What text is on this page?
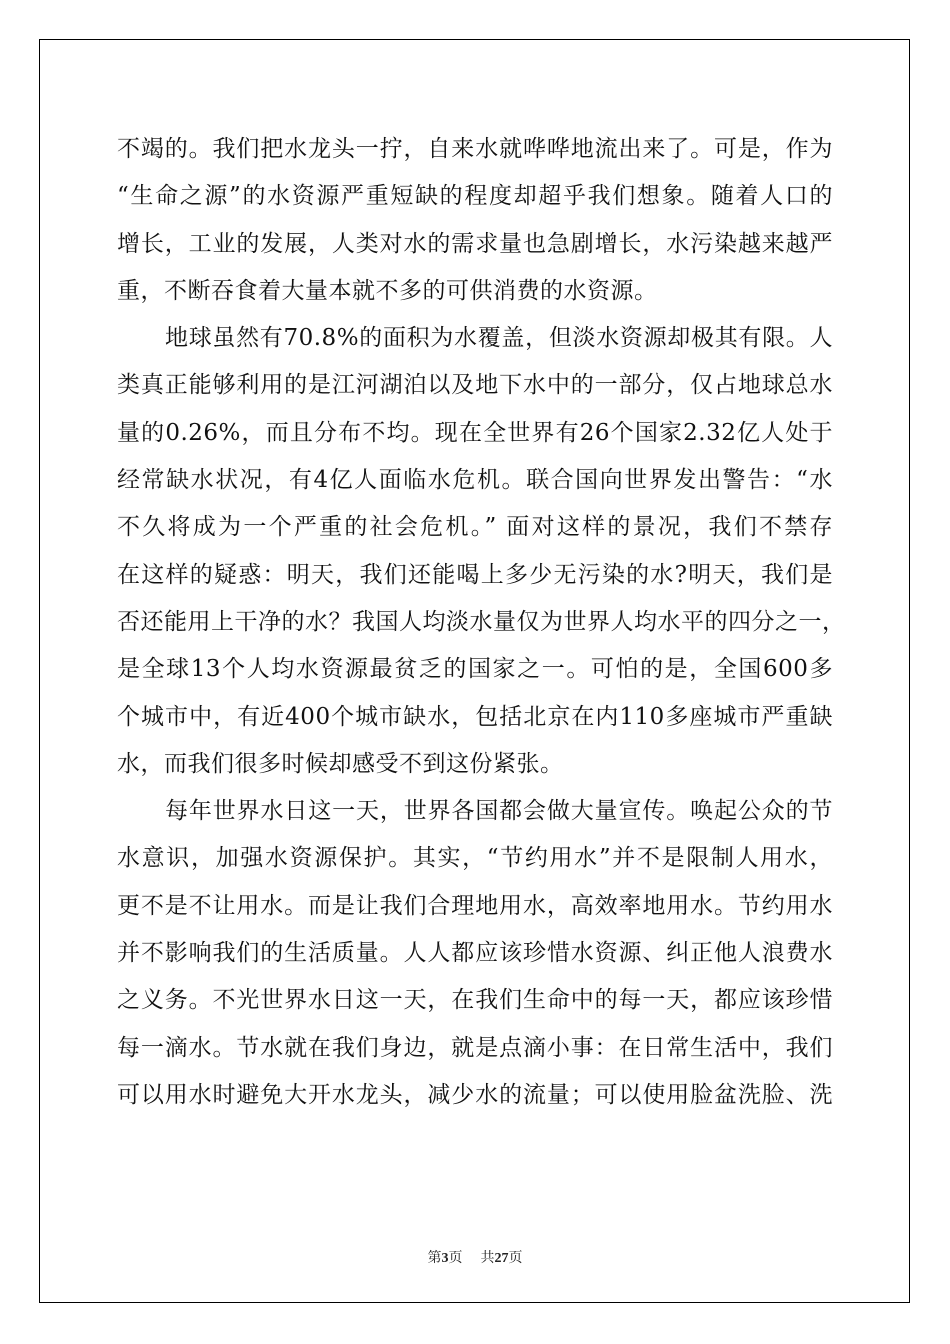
不竭的。我们把水龙头一拧，自来水就哗哗地流出来了。可是，作为
“生命之源”的水资源严重短缺的程度却超乎我们想象。随着人口的
增长，工业的发展，人类对水的需求量也急剧增长，水污染越来越严
重，不断吞食着大量本就不多的可供消费的水资源。
地球虽然有70.8%的面积为水覆盖，但淡水资源却极其有限。人
类真正能够利用的是江河湖泊以及地下水中的一部分，仅占地球总水
量的0.26%，而且分布不均。现在全世界有26个国家2.32亿人处于
经常缺水状况，有4亿人面临水危机。联合国向世界发出警告：“水
不久将成为一个严重的社会危机。” 面对这样的景况，我们不禁存
在这样的疑惑：明天，我们还能喝上多少无污染的水?明天，我们是
否还能用上干净的水？我国人均淡水量仅为世界人均水平的四分之一，
是全球13个人均水资源最贫乏的国家之一。可怕的是，全国600多
个城市中，有近400个城市缺水，包括北京在内110多座城市严重缺
水，而我们很多时候却感受不到这份紧张。
每年世界水日这一天，世界各国都会做大量宣传。唤起公众的节
水意识，加强水资源保护。其实，“节约用水”并不是限制人用水，
更不是不让用水。而是让我们合理地用水，高效率地用水。节约用水
并不影响我们的生活质量。人人都应该珍惜水资源、纠正他人浪费水
之义务。不光世界水日这一天，在我们生命中的每一天，都应该珍惜
每一滴水。节水就在我们身边，就是点滴小事：在日常生活中，我们
可以用水时避免大开水龙头，减少水的流量；可以使用脸盆洗脸、洗
第3页 共27页
